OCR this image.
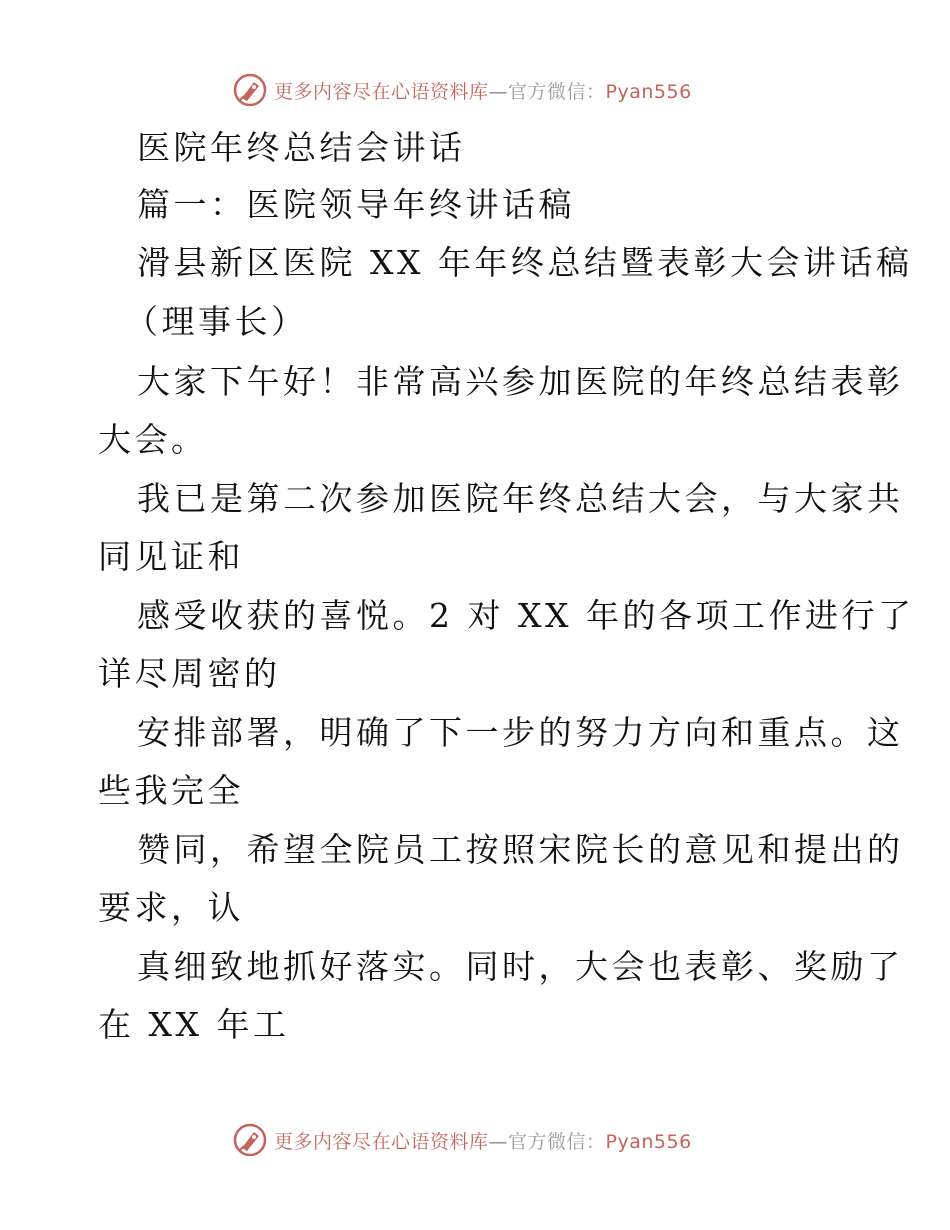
更多内容尽在心语资料库—官方微信：Pyan556
医院年终总结会讲话
篇一：医院领导年终讲话稿
滑县新区医院 XX 年年终总结暨表彰大会讲话稿
（理事长）
大家下午好！非常高兴参加医院的年终总结表彰
大会。
我已是第二次参加医院年终总结大会，与大家共
同见证和
感受收获的喜悦。2 对 XX 年的各项工作进行了
详尽周密的
安排部署，明确了下一步的努力方向和重点。这
些我完全
赞同，希望全院员工按照宋院长的意见和提出的
要求，认
真细致地抓好落实。同时，大会也表彰、奖励了
在 XX 年工
更多内容尽在心语资料库—官方微信：Pyan556
